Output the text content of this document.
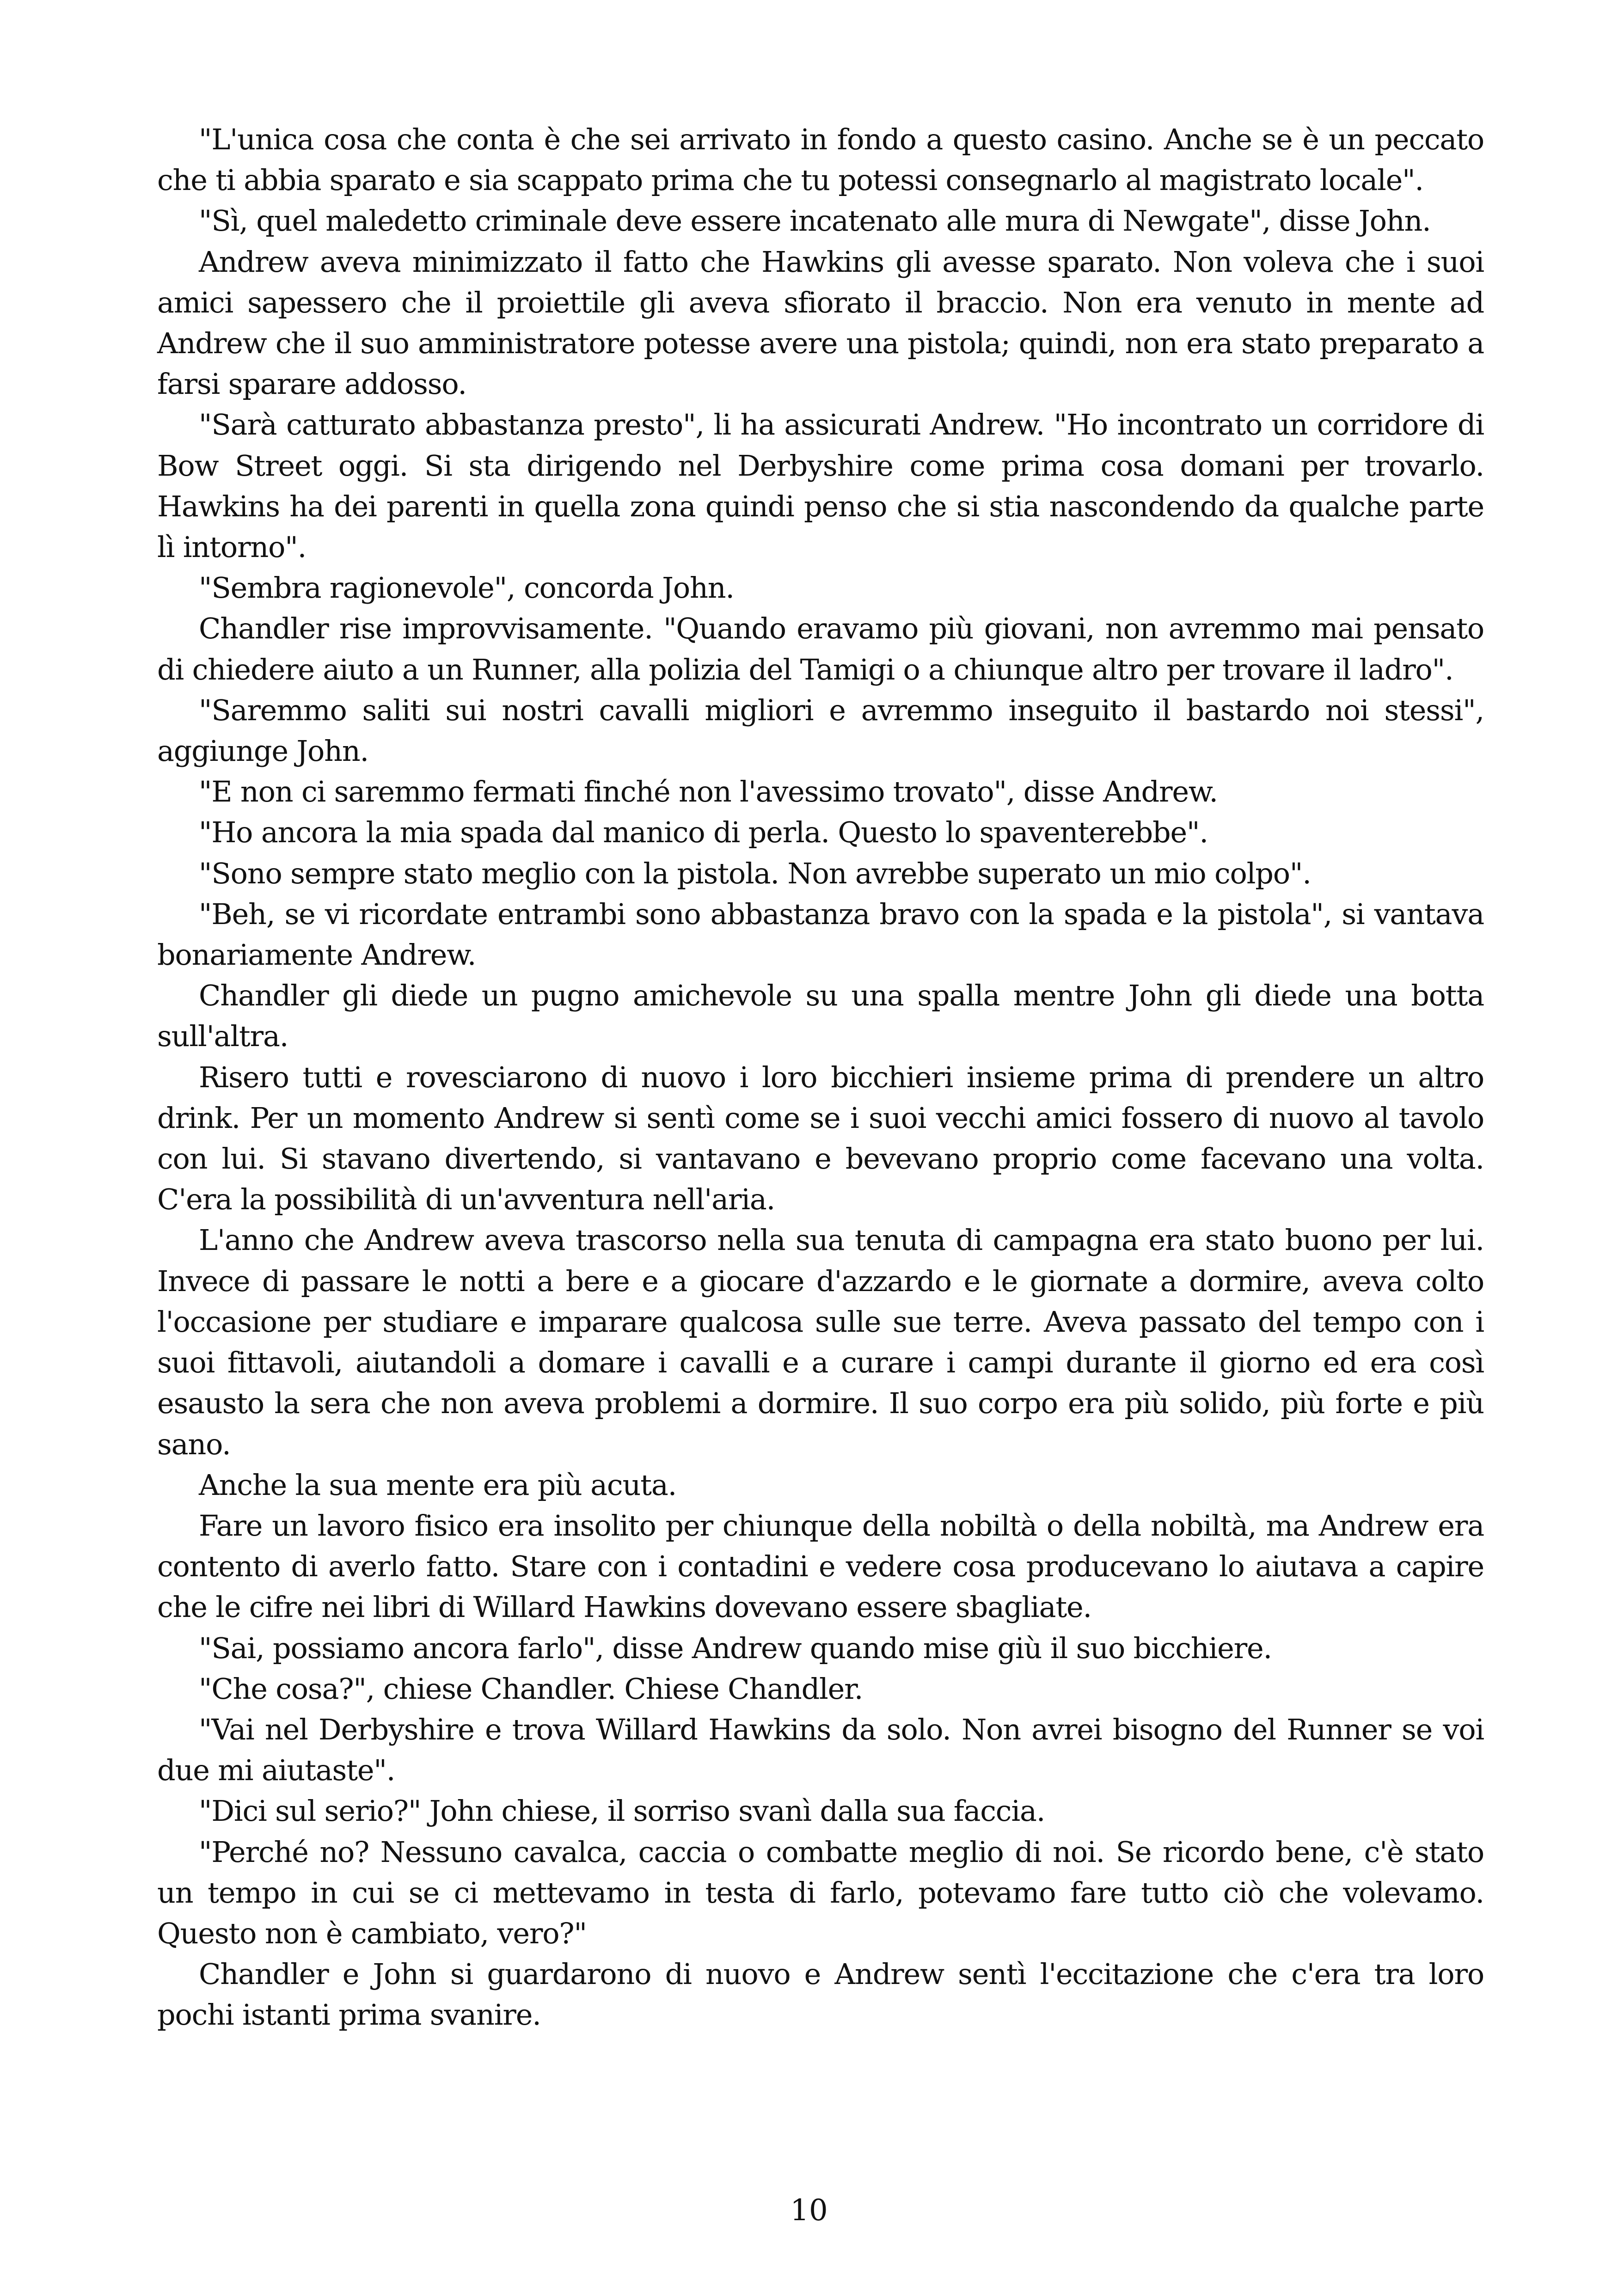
"L'unica cosa che conta è che sei arrivato in fondo a questo casino. Anche se è un peccato che ti abbia sparato e sia scappato prima che tu potessi consegnarlo al magistrato locale".

"Sì, quel maledetto criminale deve essere incatenato alle mura di Newgate", disse John.

Andrew aveva minimizzato il fatto che Hawkins gli avesse sparato. Non voleva che i suoi amici sapessero che il proiettile gli aveva sfiorato il braccio. Non era venuto in mente ad Andrew che il suo amministratore potesse avere una pistola; quindi, non era stato preparato a farsi sparare addosso.

"Sarà catturato abbastanza presto", li ha assicurati Andrew. "Ho incontrato un corridore di Bow Street oggi. Si sta dirigendo nel Derbyshire come prima cosa domani per trovarlo. Hawkins ha dei parenti in quella zona quindi penso che si stia nascondendo da qualche parte lì intorno".

"Sembra ragionevole", concorda John.

Chandler rise improvvisamente. "Quando eravamo più giovani, non avremmo mai pensato di chiedere aiuto a un Runner, alla polizia del Tamigi o a chiunque altro per trovare il ladro".

"Saremmo saliti sui nostri cavalli migliori e avremmo inseguito il bastardo noi stessi", aggiunge John.

"E non ci saremmo fermati finché non l'avessimo trovato", disse Andrew.

"Ho ancora la mia spada dal manico di perla. Questo lo spaventerebbe".

"Sono sempre stato meglio con la pistola. Non avrebbe superato un mio colpo".

"Beh, se vi ricordate entrambi sono abbastanza bravo con la spada e la pistola", si vantava bonariamente Andrew.

Chandler gli diede un pugno amichevole su una spalla mentre John gli diede una botta sull'altra.

Risero tutti e rovesciarono di nuovo i loro bicchieri insieme prima di prendere un altro drink. Per un momento Andrew si sentì come se i suoi vecchi amici fossero di nuovo al tavolo con lui. Si stavano divertendo, si vantavano e bevevano proprio come facevano una volta. C'era la possibilità di un'avventura nell'aria.

L'anno che Andrew aveva trascorso nella sua tenuta di campagna era stato buono per lui. Invece di passare le notti a bere e a giocare d'azzardo e le giornate a dormire, aveva colto l'occasione per studiare e imparare qualcosa sulle sue terre. Aveva passato del tempo con i suoi fittavoli, aiutandoli a domare i cavalli e a curare i campi durante il giorno ed era così esausto la sera che non aveva problemi a dormire. Il suo corpo era più solido, più forte e più sano.

Anche la sua mente era più acuta.

Fare un lavoro fisico era insolito per chiunque della nobiltà o della nobiltà, ma Andrew era contento di averlo fatto. Stare con i contadini e vedere cosa producevano lo aiutava a capire che le cifre nei libri di Willard Hawkins dovevano essere sbagliate.

"Sai, possiamo ancora farlo", disse Andrew quando mise giù il suo bicchiere.

"Che cosa?", chiese Chandler. Chiese Chandler.

"Vai nel Derbyshire e trova Willard Hawkins da solo. Non avrei bisogno del Runner se voi due mi aiutaste".

"Dici sul serio?" John chiese, il sorriso svanì dalla sua faccia.

"Perché no? Nessuno cavalca, caccia o combatte meglio di noi. Se ricordo bene, c'è stato un tempo in cui se ci mettevamo in testa di farlo, potevamo fare tutto ciò che volevamo. Questo non è cambiato, vero?"

Chandler e John si guardarono di nuovo e Andrew sentì l'eccitazione che c'era tra loro pochi istanti prima svanire.

10
